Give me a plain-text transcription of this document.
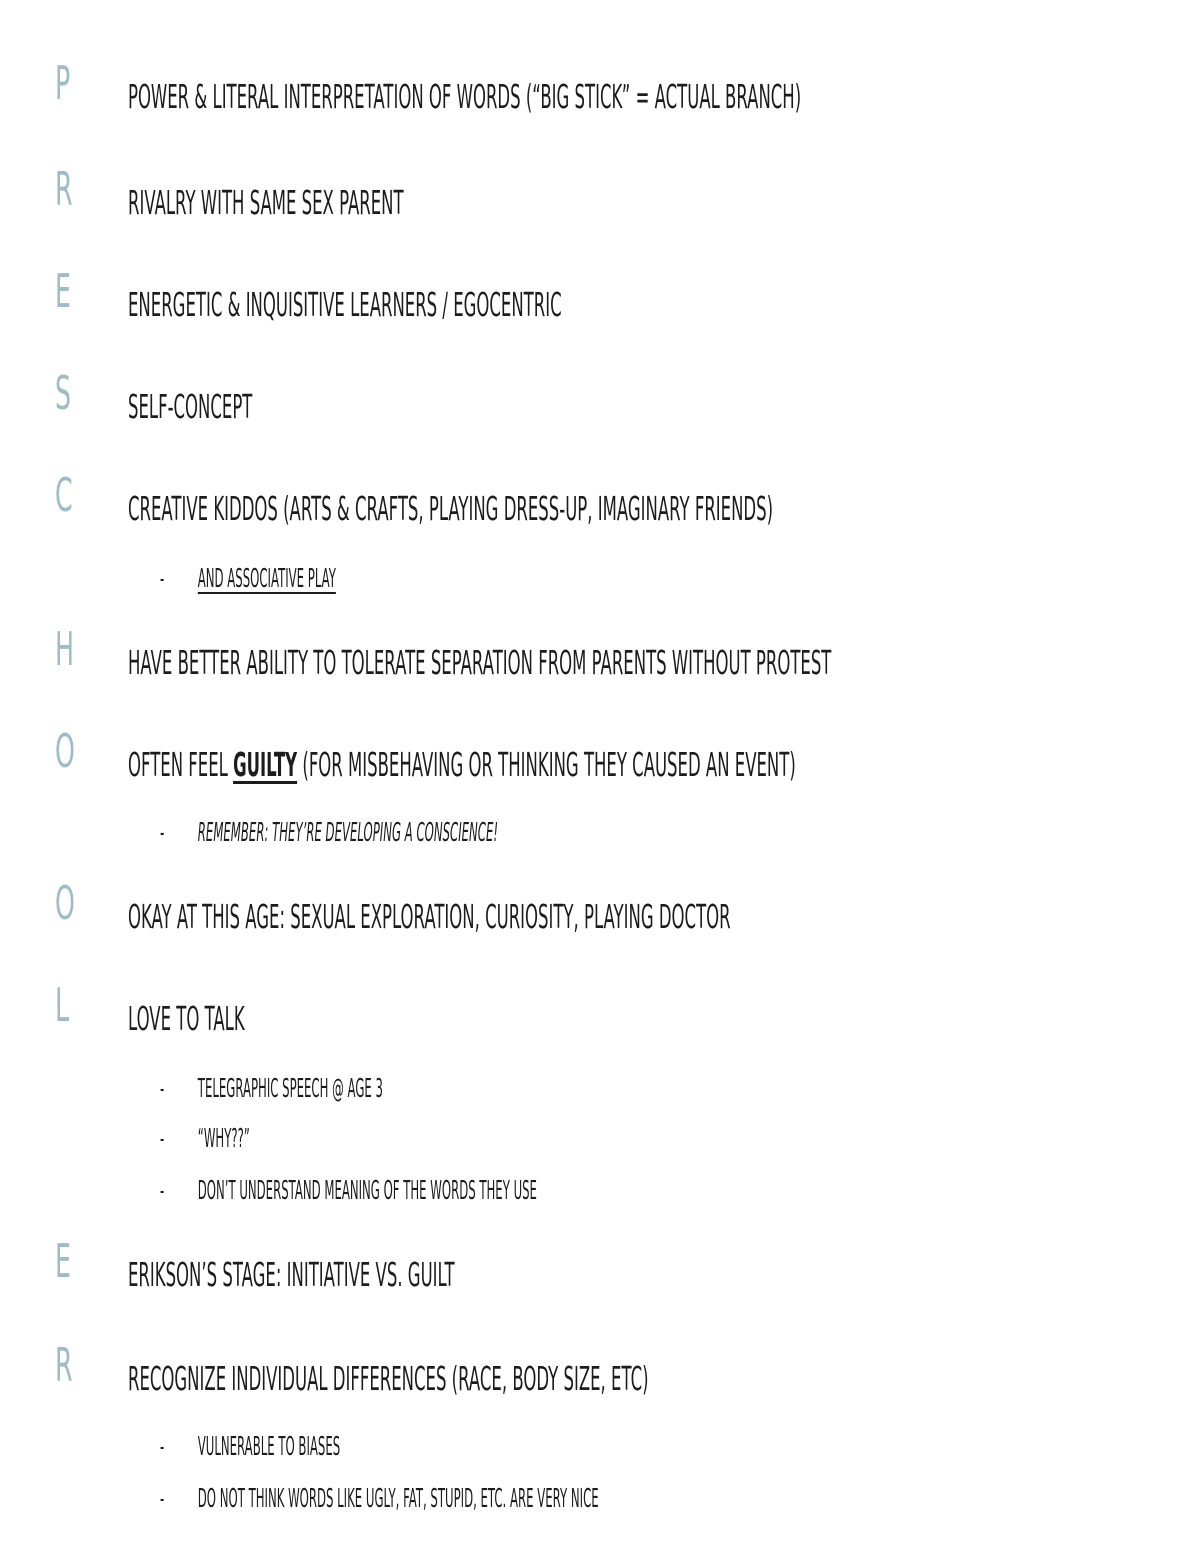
P POWER & LITERAL INTERPRETATION OF WORDS (“BIG STICK” = ACTUAL BRANCH)
R RIVALRY WITH SAME SEX PARENT
E ENERGETIC & INQUISITIVE LEARNERS / EGOCENTRIC
S SELF-CONCEPT
C CREATIVE KIDDOS (ARTS & CRAFTS, PLAYING DRESS-UP, IMAGINARY FRIENDS)
- AND ASSOCIATIVE PLAY
H HAVE BETTER ABILITY TO TOLERATE SEPARATION FROM PARENTS WITHOUT PROTEST
O OFTEN FEEL GUILTY (FOR MISBEHAVING OR THINKING THEY CAUSED AN EVENT)
- REMEMBER: THEY’RE DEVELOPING A CONSCIENCE!
O OKAY AT THIS AGE: SEXUAL EXPLORATION, CURIOSITY, PLAYING DOCTOR
L LOVE TO TALK
- TELEGRAPHIC SPEECH @ AGE 3
- “WHY??”
- DON’T UNDERSTAND MEANING OF THE WORDS THEY USE
E ERIKSON’S STAGE: INITIATIVE VS. GUILT
R RECOGNIZE INDIVIDUAL DIFFERENCES (RACE, BODY SIZE, ETC)
- VULNERABLE TO BIASES
- DO NOT THINK WORDS LIKE UGLY, FAT, STUPID, ETC. ARE VERY NICE
